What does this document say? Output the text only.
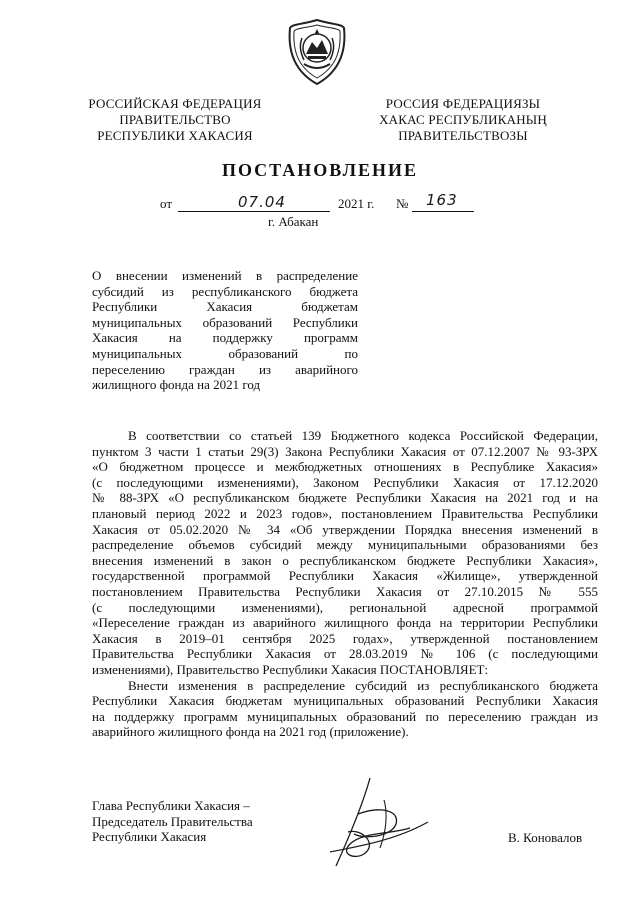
РОССИЙСКАЯ ФЕДЕРАЦИЯ
ПРАВИТЕЛЬСТВО
РЕСПУБЛИКИ ХАКАСИЯ
РОССИЯ ФЕДЕРАЦИЯЗЫ
ХАКАС РЕСПУБЛИКАНЫҢ
ПРАВИТЕЛЬСТВОЗЫ
ПОСТАНОВЛЕНИЕ
от	07.04	2021 г. № 163
г. Абакан
О внесении изменений в распределение
субсидий из республиканского бюджета
Республики Хакасия бюджетам
муниципальных образований Республики
Хакасия на поддержку программ
муниципальных образований по
переселению граждан из аварийного
жилищного фонда на 2021 год
В соответствии со статьей 139 Бюджетного кодекса Российской Федерации,
пунктом 3 части 1 статьи 29(3) Закона Республики Хакасия от 07.12.2007 № 93-ЗРХ
«О бюджетном процессе и межбюджетных отношениях в Республике Хакасия»
(с последующими изменениями), Законом Республики Хакасия от 17.12.2020
№ 88-ЗРХ «О республиканском бюджете Республики Хакасия на 2021 год и на
плановый период 2022 и 2023 годов», постановлением Правительства Республики
Хакасия от 05.02.2020 № 34 «Об утверждении Порядка внесения изменений в
распределение объемов субсидий между муниципальными образованиями без
внесения изменений в закон о республиканском бюджете Республики Хакасия»,
государственной программой Республики Хакасия «Жилище», утвержденной
постановлением Правительства Республики Хакасия от 27.10.2015 № 555
(с последующими изменениями), региональной адресной программой
«Переселение граждан из аварийного жилищного фонда на территории Республики
Хакасия в 2019–01 сентября 2025 годах», утвержденной постановлением
Правительства Республики Хакасия от 28.03.2019 № 106 (с последующими
изменениями), Правительство Республики Хакасия ПОСТАНОВЛЯЕТ:
Внести изменения в распределение субсидий из республиканского бюджета
Республики Хакасия бюджетам муниципальных образований Республики Хакасия
на поддержку программ муниципальных образований по переселению граждан из
аварийного жилищного фонда на 2021 год (приложение).
Глава Республики Хакасия –
Председатель Правительства
Республики Хакасия	В. Коновалов
